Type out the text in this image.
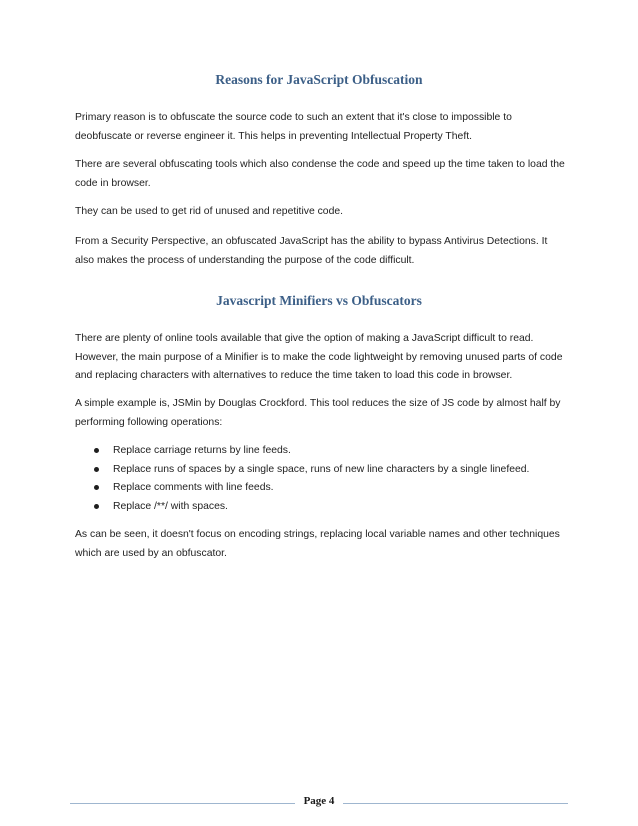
Reasons for JavaScript Obfuscation

Primary reason is to obfuscate the source code to such an extent that it's close to impossible to deobfuscate or reverse engineer it. This helps in preventing Intellectual Property Theft.

There are several obfuscating tools which also condense the code and speed up the time taken to load the code in browser.

They can be used to get rid of unused and repetitive code.

From a Security Perspective, an obfuscated JavaScript has the ability to bypass Antivirus Detections. It also makes the process of understanding the purpose of the code difficult.

Javascript Minifiers vs Obfuscators

There are plenty of online tools available that give the option of making a JavaScript difficult to read. However, the main purpose of a Minifier is to make the code lightweight by removing unused parts of code and replacing characters with alternatives to reduce the time taken to load this code in browser.

A simple example is, JSMin by Douglas Crockford. This tool reduces the size of JS code by almost half by performing following operations:

Replace carriage returns by line feeds.
Replace runs of spaces by a single space, runs of new line characters by a single linefeed.
Replace comments with line feeds.
Replace /**/ with spaces.

As can be seen, it doesn't focus on encoding strings, replacing local variable names and other techniques which are used by an obfuscator.

Page 4
